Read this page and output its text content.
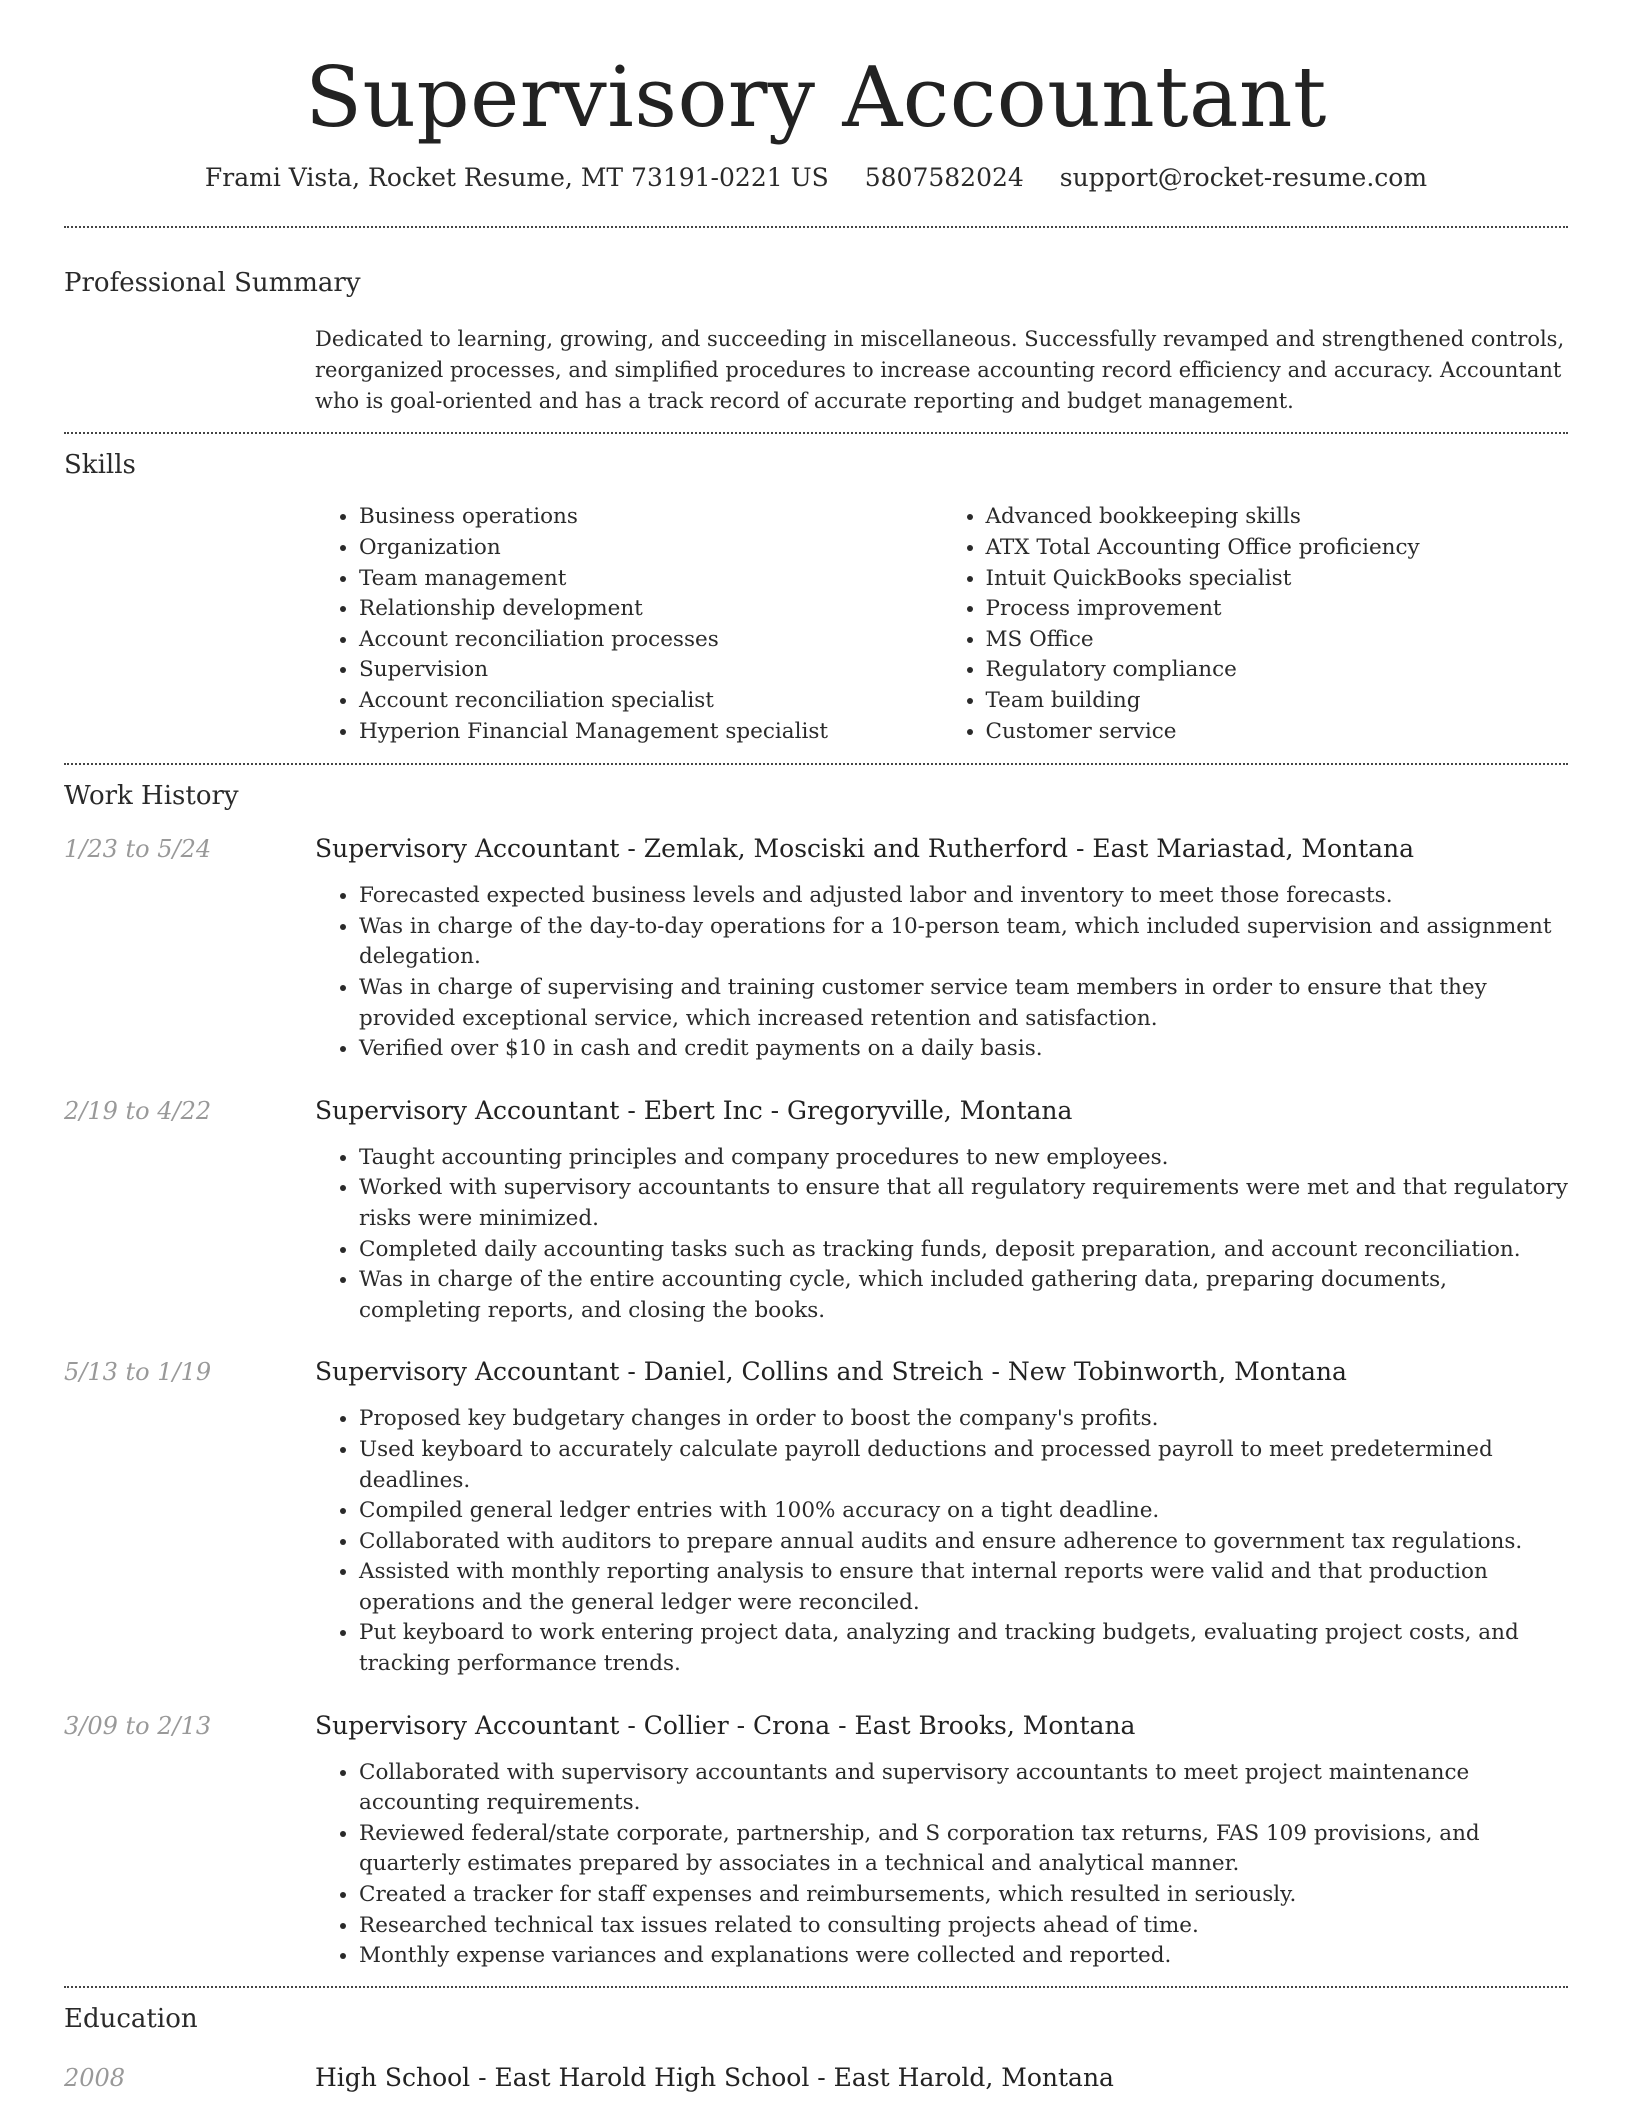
Supervisory Accountant
Frami Vista, Rocket Resume, MT 73191-0221 US 5807582024 support@rocket-resume.com
Professional Summary

Dedicated to learning, growing, and succeeding in miscellaneous. Successfully revamped and strengthened controls, reorganized processes, and simplified procedures to increase accounting record efficiency and accuracy. Accountant who is goal-oriented and has a track record of accurate reporting and budget management.

Skills
• Business operations
• Organization
• Team management
• Relationship development
• Account reconciliation processes
• Supervision
• Account reconciliation specialist
• Hyperion Financial Management specialist
• Advanced bookkeeping skills
• ATX Total Accounting Office proficiency
• Intuit QuickBooks specialist
• Process improvement
• MS Office
• Regulatory compliance
• Team building
• Customer service
Work History
1/23 to 5/24	Supervisory Accountant - Zemlak, Mosciski and Rutherford - East Mariastad, Montana
• Forecasted expected business levels and adjusted labor and inventory to meet those forecasts.
• Was in charge of the day-to-day operations for a 10-person team, which included supervision and assignment delegation.
• Was in charge of supervising and training customer service team members in order to ensure that they provided exceptional service, which increased retention and satisfaction.
• Verified over $10 in cash and credit payments on a daily basis.
2/19 to 4/22	Supervisory Accountant - Ebert Inc - Gregoryville, Montana
• Taught accounting principles and company procedures to new employees.
• Worked with supervisory accountants to ensure that all regulatory requirements were met and that regulatory risks were minimized.
• Completed daily accounting tasks such as tracking funds, deposit preparation, and account reconciliation.
• Was in charge of the entire accounting cycle, which included gathering data, preparing documents, completing reports, and closing the books.
5/13 to 1/19	Supervisory Accountant - Daniel, Collins and Streich - New Tobinworth, Montana
• Proposed key budgetary changes in order to boost the company's profits.
• Used keyboard to accurately calculate payroll deductions and processed payroll to meet predetermined deadlines.
• Compiled general ledger entries with 100% accuracy on a tight deadline.
• Collaborated with auditors to prepare annual audits and ensure adherence to government tax regulations.
• Assisted with monthly reporting analysis to ensure that internal reports were valid and that production operations and the general ledger were reconciled.
• Put keyboard to work entering project data, analyzing and tracking budgets, evaluating project costs, and tracking performance trends.
3/09 to 2/13	Supervisory Accountant - Collier - Crona - East Brooks, Montana
• Collaborated with supervisory accountants and supervisory accountants to meet project maintenance accounting requirements.
• Reviewed federal/state corporate, partnership, and S corporation tax returns, FAS 109 provisions, and quarterly estimates prepared by associates in a technical and analytical manner.
• Created a tracker for staff expenses and reimbursements, which resulted in seriously.
• Researched technical tax issues related to consulting projects ahead of time.
• Monthly expense variances and explanations were collected and reported.
Education
2008	High School - East Harold High School - East Harold, Montana
